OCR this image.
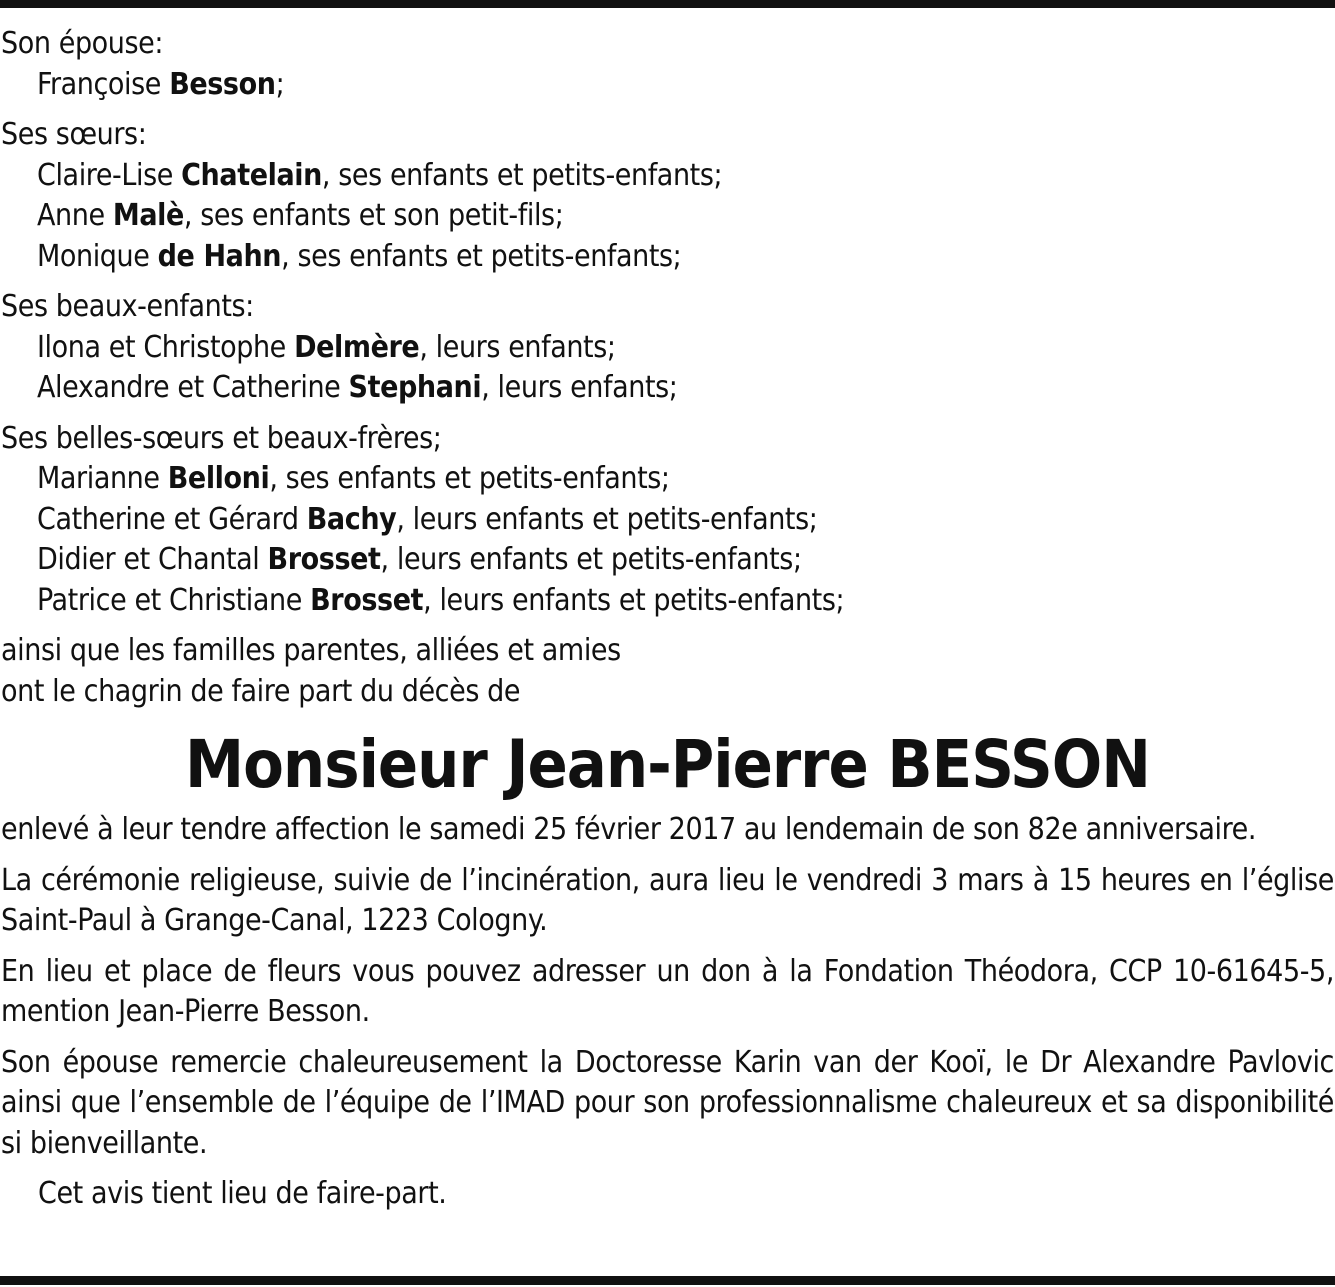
Son épouse:
Françoise Besson;
Ses sœurs:
Claire-Lise Chatelain, ses enfants et petits-enfants;
Anne Malè, ses enfants et son petit-fils;
Monique de Hahn, ses enfants et petits-enfants;
Ses beaux-enfants:
Ilona et Christophe Delmère, leurs enfants;
Alexandre et Catherine Stephani, leurs enfants;
Ses belles-sœurs et beaux-frères;
Marianne Belloni, ses enfants et petits-enfants;
Catherine et Gérard Bachy, leurs enfants et petits-enfants;
Didier et Chantal Brosset, leurs enfants et petits-enfants;
Patrice et Christiane Brosset, leurs enfants et petits-enfants;
ainsi que les familles parentes, alliées et amies
ont le chagrin de faire part du décès de
Monsieur Jean-Pierre BESSON
enlevé à leur tendre affection le samedi 25 février 2017 au lendemain de son 82e anniversaire.
La cérémonie religieuse, suivie de l’incinération, aura lieu le vendredi 3 mars à 15 heures en l’église Saint-Paul à Grange-Canal, 1223 Cologny.
En lieu et place de fleurs vous pouvez adresser un don à la Fondation Théodora, CCP 10-61645-5, mention Jean-Pierre Besson.
Son épouse remercie chaleureusement la Doctoresse Karin van der Kooï, le Dr Alexandre Pavlovic ainsi que l’ensemble de l’équipe de l’IMAD pour son professionnalisme chaleureux et sa disponibilité si bienveillante.
Cet avis tient lieu de faire-part.
